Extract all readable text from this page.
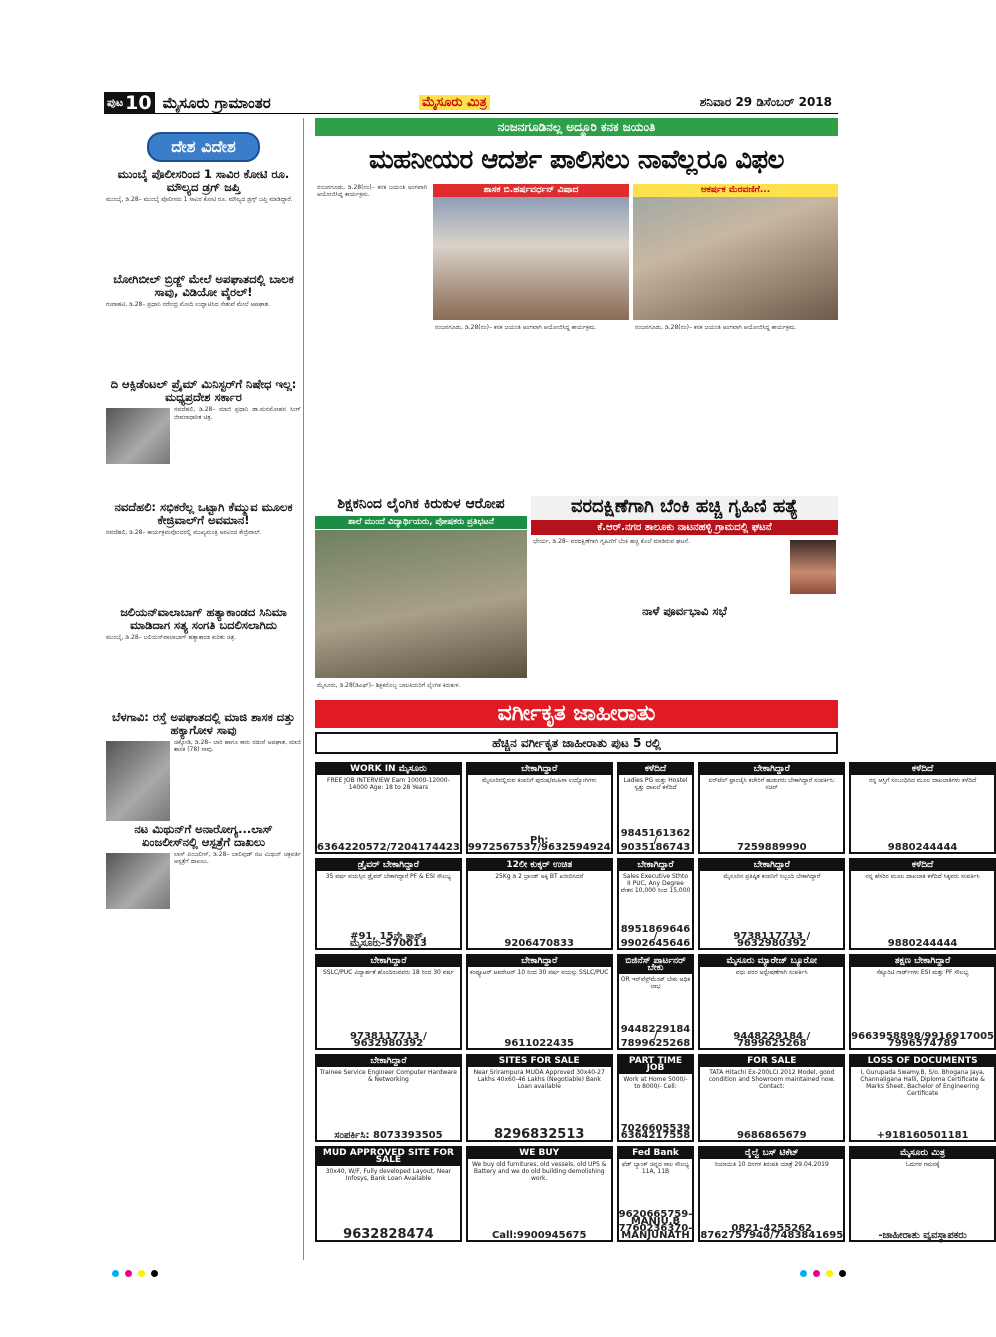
ಪುಟ 10 ಮೈಸೂರು ಗ್ರಾಮಾಂತರ	ಮೈಸೂರು ಮಿತ್ರ	ಶನಿವಾರ 29 ಡಿಸೆಂಬರ್ 2018
ದೇಶ ವಿದೇಶ
ಮುಂಬೈ ಪೊಲೀಸರಿಂದ 1 ಸಾವಿರ ಕೋಟಿ ರೂ. ಮೌಲ್ಯದ ಡ್ರಗ್ ಜಪ್ತಿ
ಮುಂಬೈ, ಡಿ.28– ಮುಂಬೈ ಪೊಲೀಸರು 1 ಸಾವಿರ ಕೋಟಿ ರೂ. ಮೌಲ್ಯದ ಡ್ರಗ್ಸ್ ಜಪ್ತಿ ಮಾಡಿದ್ದಾರೆ.
ಬೋಗಿಬೀಲ್ ಬ್ರಿಡ್ಜ್ ಮೇಲೆ ಅಪಘಾತದಲ್ಲಿ ಬಾಲಕ ಸಾವು, ವಿಡಿಯೋ ವೈರಲ್!
ಗುವಾಹಟಿ, ಡಿ.28– ಪ್ರಧಾನಿ ನರೇಂದ್ರ ಮೋದಿ ಉದ್ಘಾಟಿಸಿದ ಸೇತುವೆ ಮೇಲೆ ಅಪಘಾತ.
ದಿ ಆಕ್ಸಿಡೆಂಟಲ್ ಪ್ರೈಮ್ ಮಿನಿಸ್ಟರ್‌ಗೆ ನಿಷೇಧ ಇಲ್ಲ: ಮಧ್ಯಪ್ರದೇಶ ಸರ್ಕಾರ
ನವದೆಹಲಿ, ಡಿ.28– ಮಾಜಿ ಪ್ರಧಾನಿ ಡಾ.ಮನಮೋಹನ ಸಿಂಗ್ ಜೀವನಾಧಾರಿತ ಚಿತ್ರ.
ನವದೆಹಲಿ: ಸಭಿಕರೆಲ್ಲ ಒಟ್ಟಾಗಿ ಕೆಮ್ಮುವ ಮೂಲಕ ಕೇಜ್ರಿವಾಲ್‌ಗೆ ಅವಮಾನ!
ನವದೆಹಲಿ, ಡಿ.28– ಕಾರ್ಯಕ್ರಮವೊಂದರಲ್ಲಿ ಮುಖ್ಯಮಂತ್ರಿ ಅರವಿಂದ ಕೇಜ್ರಿವಾಲ್.
ಜಲಿಯನ್‌ವಾಲಾಬಾಗ್ ಹತ್ಯಾಕಾಂಡದ ಸಿನಿಮಾ ಮಾಡಿದಾಗ ಸತ್ಯ ಸಂಗತಿ ಬದಲಿಸಲಾಗಿದು
ಮುಂಬೈ, ಡಿ.28– ಜಲಿಯನ್‌ವಾಲಾಬಾಗ್ ಹತ್ಯಾಕಾಂಡ ಕುರಿತು ಚಿತ್ರ.
ಬೆಳಗಾವಿ: ರಸ್ತೆ ಅಪಘಾತದಲ್ಲಿ ಮಾಜಿ ಶಾಸಕ ದತ್ತು ಹಕ್ಯಾಗೋಳ ಸಾವು
ಚಿಕ್ಕೋಡಿ, ಡಿ.28– ಲಾರಿ ಹಾಗೂ ಕಾರು ನಡುವೆ ಅಪಘಾತ, ಮಾಜಿ ಶಾಸಕ (78) ಸಾವು.
ನಟ ಮಿಥುನ್‌ಗೆ ಅನಾರೋಗ್ಯ...ಲಾಸ್ ಏಂಜಲೀಸ್‌ನಲ್ಲಿ ಆಸ್ಪತ್ರೆಗೆ ದಾಖಲು
ಲಾಸ್ ಏಂಜಲೀಸ್, ಡಿ.28– ಬಾಲಿವುಡ್ ನಟ ಮಿಥುನ್ ಚಕ್ರವರ್ತಿ ಆಸ್ಪತ್ರೆಗೆ ದಾಖಲು.
ನಂಜನಗೂಡಿನಲ್ಲ ಅದ್ಧೂರಿ ಕನಕ ಜಯಂತಿ
ಮಹನೀಯರ ಆದರ್ಶ ಪಾಲಿಸಲು ನಾವೆಲ್ಲರೂ ವಿಫಲ
ನಂಜನಗೂಡು, ಡಿ.28(ನಂ)– ಕನಕ ಜಯಂತಿ ಅಂಗವಾಗಿ ಆಯೋಜಿಸಿದ್ದ ಕಾರ್ಯಕ್ರಮ.	ಶಾಸಕ ಬಿ.ಹರ್ಷವರ್ಧನ್ ವಿಷಾದ	ಆಕರ್ಷಕ ಮೆರವಣಿಗೆ...
ನಂಜನಗೂಡು, ಡಿ.28(ನಂ)– ಕನಕ ಜಯಂತಿ ಅಂಗವಾಗಿ ಆಯೋಜಿಸಿದ್ದ ಕಾರ್ಯಕ್ರಮ.	ನಂಜನಗೂಡು, ಡಿ.28(ನಂ)– ಕನಕ ಜಯಂತಿ ಅಂಗವಾಗಿ ಆಯೋಜಿಸಿದ್ದ ಕಾರ್ಯಕ್ರಮ.
ಶಿಕ್ಷಕನಿಂದ ಲೈಂಗಿಕ ಕಿರುಕುಳ ಆರೋಪ
ಶಾಲೆ ಮುಂದೆ ವಿದ್ಯಾರ್ಥಿಯರು, ಪೋಷಕರು ಪ್ರತಿಭಟನೆ
ಮೈಸೂರು, ಡಿ.28(ಡಿಎಫ್)– ಶಿಕ್ಷಕನೊಬ್ಬ ಬಾಲಕಿಯರಿಗೆ ಲೈಂಗಿಕ ಕಿರುಕುಳ.
ವರದಕ್ಷಿಣೆಗಾಗಿ ಬೆಂಕಿ ಹಚ್ಚಿ ಗೃಹಿಣಿ ಹತ್ಯೆ
ಕೆ.ಆರ್.ನಗರ ತಾಲೂಕು ನಾಟನಹಳ್ಳಿ ಗ್ರಾಮದಲ್ಲಿ ಘಟನೆ
ಭೇರ್ಯ, ಡಿ.28– ವರದಕ್ಷಿಣೆಗಾಗಿ ಗೃಹಿಣಿಗೆ ಬೆಂಕಿ ಹಚ್ಚಿ ಕೊಲೆ ಮಾಡಿರುವ ಘಟನೆ.
ನಾಳೆ ಪೂರ್ವಭಾವಿ ಸಭೆ
ವರ್ಗೀಕೃತ ಜಾಹೀರಾತು
ಹೆಚ್ಚಿನ ವರ್ಗೀಕೃತ ಜಾಹೀರಾತು ಪುಟ 5 ರಲ್ಲಿ
WORK IN ಮೈಸೂರು
FREE JOB INTERVIEW Earn 10000-12000-14000 Age: 18 to 28 Years
6364220572/7204174423
ಬೇಕಾಗಿದ್ದಾರೆ
ಮೈಸೂರಿನಲ್ಲಿರುವ ಕಂಪನಿಗೆ ಪುರುಷ/ಮಹಿಳಾ ಉದ್ಯೋಗಿಗಳು
Ph: 9972567537/9632594924
ಕಳೆದಿದೆ
Ladies PG ಮತ್ತು Hostel ಸ್ವತ್ತು ದಾಖಲೆ ಕಳೆದಿದೆ
9845161362 / 9035186743
ಬೇಕಾಗಿದ್ದಾರೆ
ಏರ್‌ಟೆಲ್ ಫ್ರಾಂಚೈಸಿ ಕಚೇರಿಗೆ ಹುಡುಗರು ಬೇಕಾಗಿದ್ದಾರೆ ಸಂಪರ್ಕಿಸಿ: ಸಚಿನ್
7259889990
ಕಳೆದಿದೆ
ನನ್ನ ಆಸ್ತಿಗೆ ಸಂಬಂಧಿಸಿದ ಮೂಲ ದಾಖಲಾತಿಗಳು ಕಳೆದಿದೆ
9880244444
ಡ್ರೈವರ್ ಬೇಕಾಗಿದ್ದಾರೆ
35 ವರ್ಷ ವಯಸ್ಸಿನ ಡ್ರೈವರ್ ಬೇಕಾಗಿದ್ದಾರೆ PF & ESI ಸೌಲಭ್ಯ
#91, 15ನೇ ಕ್ರಾಸ್, ಮೈಸೂರು-570013
12ಲೀ ಕುಕ್ಕರ್ ಉಚಿತ
25Kg ಡಿ 2 ಬ್ರಾಂಡ್ ಅಕ್ಕಿ BT ಖರೀದಿಸಿದರೆ
9206470833
ಬೇಕಾಗಿದ್ದಾರೆ
Sales Executive Sthto II PUC, Any Degree ವೇತನ 10,000 ರಿಂದ 15,000
8951869646 / 9902645646
ಬೇಕಾಗಿದ್ದಾರೆ
ಮೈಸೂರಿನ ಪ್ರತಿಷ್ಠಿತ ಕಂಪನಿಗೆ ಸಿಬ್ಬಂದಿ ಬೇಕಾಗಿದ್ದಾರೆ
9738117713 / 9632980392
ಕಳೆದಿದೆ
ನನ್ನ ಹೆಸರಿನ ಮೂಲ ದಾಖಲಾತಿ ಕಳೆದಿದೆ ಸಿಕ್ಕವರು ಸಂಪರ್ಕಿಸಿ
9880244444
ಬೇಕಾಗಿದ್ದಾರೆ
SSLC/PUC ವಿದ್ಯಾರ್ಹತೆ ಹೊಂದಿರುವವರು 18 ರಿಂದ 30 ವರ್ಷ
9738117713 / 9632980392
ಬೇಕಾಗಿದ್ದಾರೆ
ಕಂಪ್ಯೂಟರ್ ಆಪರೇಟರ್ 10 ರಿಂದ 30 ವರ್ಷ ವಯಸ್ಸು SSLC/PUC
9611022435
ಬಿಜಿನೆಸ್ ಪಾರ್ಟನರ್ ಬೇಕು
OR ಇನ್‌ವೆಸ್ಟ್‌ಮೆಂಟ್ ಬೇಕು ಅಧಿಕ ಲಾಭ
9448229184 / 7899625268
ಮೈಸೂರು ಮ್ಯಾರೇಜ್ ಬ್ಯೂರೋ
ವಧು ವರರ ಅನ್ವೇಷಣೆಗಾಗಿ ಸಂಪರ್ಕಿಸಿ
9448229184 / 7899625268
ತಕ್ಷಣ ಬೇಕಾಗಿದ್ದಾರೆ
ಸೆಕ್ಯೂರಿಟಿ ಗಾರ್ಡ್‌ಗಳು ESI ಮತ್ತು PF ಸೌಲಭ್ಯ
9663958898/9916917005 7996574789
ಬೇಕಾಗಿದ್ದಾರೆ
Trainee Service Engineer Computer Hardware & Networking
ಸಂಪರ್ಕಿಸಿ: 8073393505
SITES FOR SALE
Near Srirampura MUDA Approved 30x40-27 Lakhs 40x60-46 Lakhs (Negotiable) Bank Loan available
8296832513
PART TIME JOB
Work at Home 5000/- to 8000/- Cell:
7026605539 6364217558
FOR SALE
TATA Hitachi Ex-200LCI 2012 Model, good condition and Showroom maintained now. Contact:
9686865679
LOSS OF DOCUMENTS
I, Gurupada Swamy.B, S/o. Bhogana Jaya, Channaligana Halli, Diploma Certificate & Marks Sheet, Bachelor of Engineering Certificate
+918160501181
MUD APPROVED SITE FOR SALE
30x40, W/F, Fully developed Layout, Near Infosys, Bank Loan Available
9632828474
WE BUY
We buy old furnitures, old vessels, old UPS & Battery and we do old building demolishing work.
Call:9900945675
Fed Bank
ಫೆಡ್ ಬ್ಯಾಂಕ್ ಚಿನ್ನದ ಸಾಲ ಸೌಲಭ್ಯ 11A, 11B
9620665759-MANJU.B 7760236370-MANJUNATH
ರೈಲ್ವೆ ಬಸ್ ಟಿಕೆಟ್
ರಿಯಾಯಿತಿ 10 ದಿನಗಳ ತಿರುಪತಿ ಯಾತ್ರೆ 29.04.2019
0821-4255262 8762757940/7483841695
ಮೈಸೂರು ಮಿತ್ರ
ಓದುಗರ ಗಮನಕ್ಕೆ
-ಜಾಹೀರಾತು ವ್ಯವಸ್ಥಾಪಕರು
